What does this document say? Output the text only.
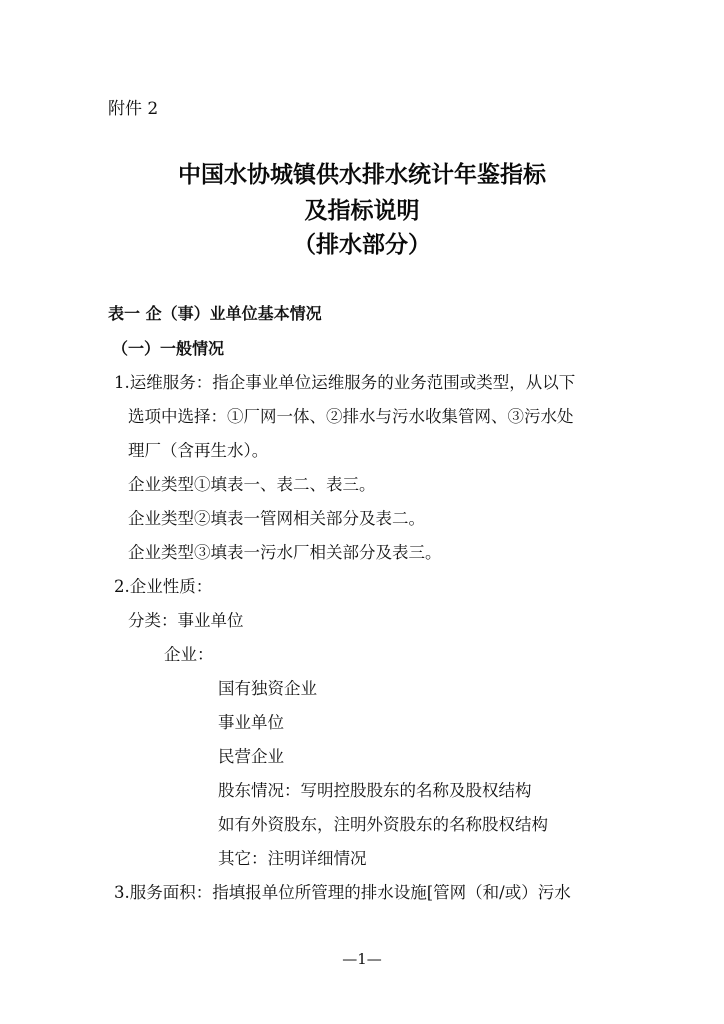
附件 2
中国水协城镇供水排水统计年鉴指标
及指标说明
（排水部分）
表一 企（事）业单位基本情况
（一）一般情况
1.运维服务：指企事业单位运维服务的业务范围或类型，从以下
选项中选择：①厂网一体、②排水与污水收集管网、③污水处
理厂（含再生水）。
企业类型①填表一、表二、表三。
企业类型②填表一管网相关部分及表二。
企业类型③填表一污水厂相关部分及表三。
2.企业性质：
分类：事业单位
企业：
国有独资企业
事业单位
民营企业
股东情况：写明控股股东的名称及股权结构
如有外资股东，注明外资股东的名称股权结构
其它：注明详细情况
3.服务面积：指填报单位所管理的排水设施[管网（和/或）污水
—1—
